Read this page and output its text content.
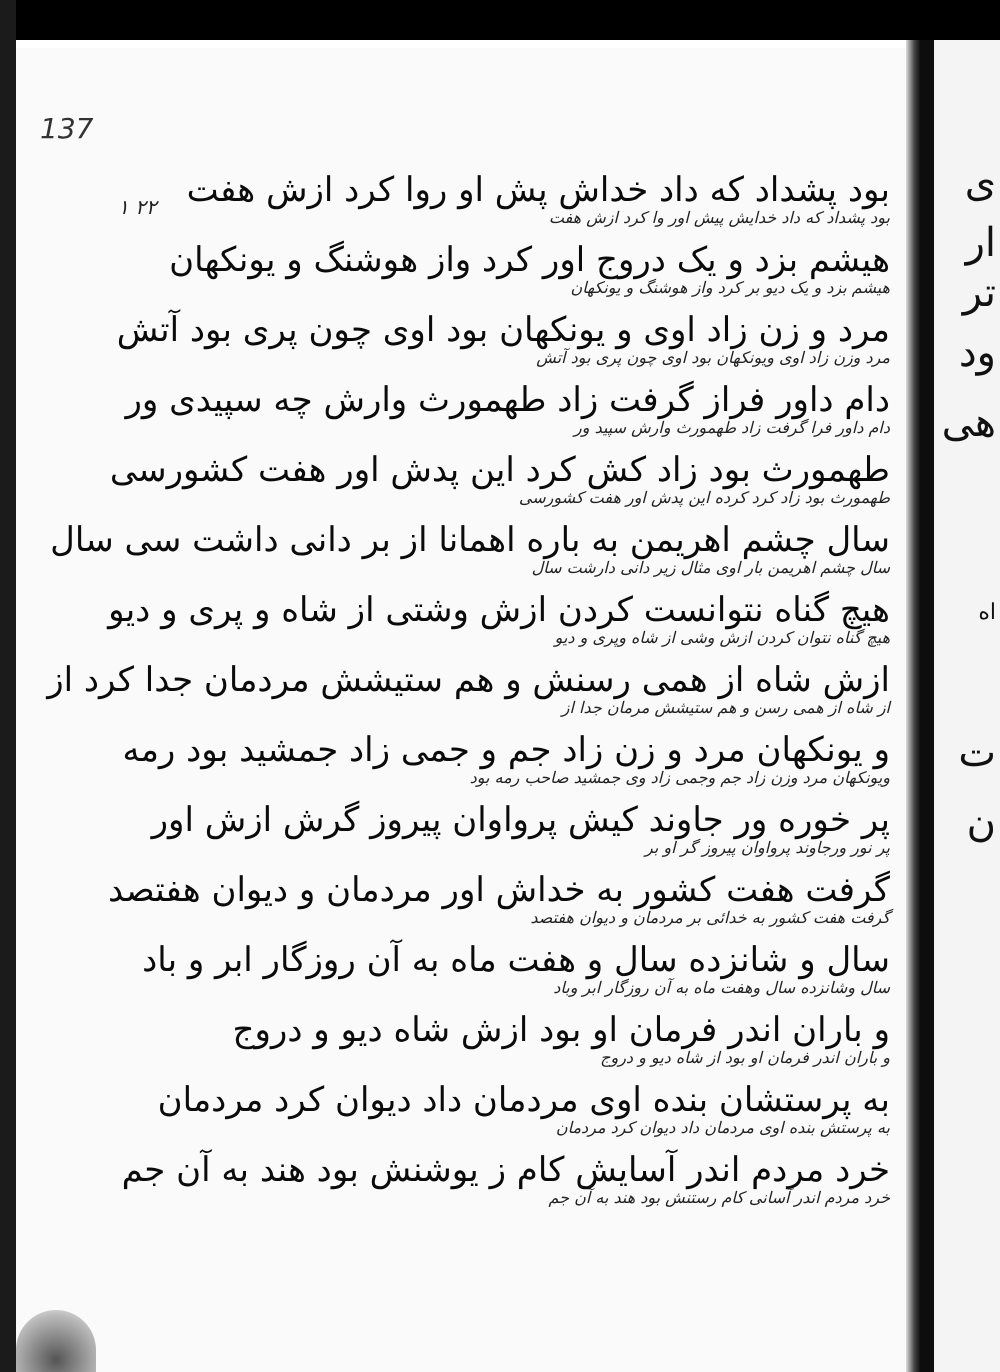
ی
ار
تر
ود
هی
اه
ت
ن
137
۱ ۲۲ بود پشداد که داد خداش پش او روا کرد ازش هفت
بود پشداد که داد خدایش پیش اور وا کرد ازش هفت
هیشم بزد و یک دروج اور کرد واز هوشنگ و یونکهان
هیشم بزد و یک دیو بر کرد واز هوشنگ و یونکهان
مرد و زن زاد اوی و یونکهان بود اوی چون پری بود آتش
مرد وزن زاد اوی ویونکهان بود اوی چون پری بود آتش
دام داور فراز گرفت زاد طهمورث وارش چه سپیدی ور
دام داور فرا گرفت زاد طهمورث وارش سپید ور
طهمورث بود زاد کش کرد این پدش اور هفت کشورسی
طهمورث بود زاد کرد کرده این پدش اور هفت کشورسی
سال چشم اهریمن به باره اهمانا از بر دانی داشت سی سال
سال چشم اهریمن بار اوی مثال زیر دانی دارشت سال
هیچ گناه نتوانست کردن ازش وشتی از شاه و پری و دیو
هیچ گناه نتوان کردن ازش وشی از شاه وپری و دیو
ازش شاه از همی رسنش و هم ستیشش مردمان جدا کرد از
از شاه از همی رسن و هم ستیشش مرمان جدا از
و یونکهان مرد و زن زاد جم و جمی زاد جمشید بود رمه
ویونکهان مرد وزن زاد جم وجمی زاد وی جمشید صاحب رمه بود
پر خوره ور جاوند کیش پرواوان پیروز گرش ازش اور
پر نور ورجاوند پرواوان پیروز گر او بر
گرفت هفت کشور به خداش اور مردمان و دیوان هفتصد
گرفت هفت کشور به خدائی بر مردمان و دیوان هفتصد
سال و شانزده سال و هفت ماه به آن روزگار ابر و باد
سال وشانزده سال وهفت ماه به آن روزگار ابر وباد
و باران اندر فرمان او بود ازش شاه دیو و دروج
و باران اندر فرمان او بود از شاه دیو و دروج
به پرستشان بنده اوی مردمان داد دیوان کرد مردمان
به پرستش بنده اوی مردمان داد دیوان کرد مردمان
خرد مردم اندر آسایش کام ز یوشنش بود هند به آن جم
خرد مردم اندر آسانی کام رستنش بود هند به آن جم
